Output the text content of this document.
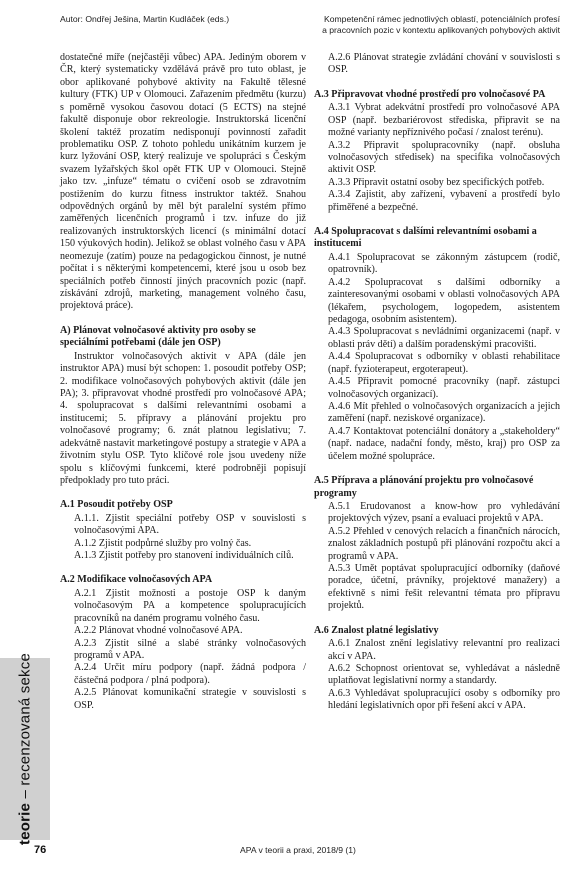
Autor: Ondřej Ješina, Martin Kudláček (eds.)	Kompetenční rámec jednotlivých oblastí, potenciálních profesí
a pracovních pozic v kontextu aplikovaných pohybových aktivit
teorie – recenzovaná sekce

dostatečné míře (nejčastěji vůbec) APA. Jediným oborem v ČR, který systematicky vzdělává právě pro tuto oblast, je obor aplikované pohybové aktivity na Fakultě tělesné kultury (FTK) UP v Olomouci. Zařazením předmětu (kurzu) s poměrně vysokou časovou dotací (5 ECTS) na stejné fakultě disponuje obor rekreologie. Instruktorská licenční školení taktéž prozatím nedisponují povinností zařadit problematiku OSP. Z tohoto pohledu unikátním kurzem je kurz lyžování OSP, který realizuje ve spolupráci s Českým svazem lyžařských škol opět FTK UP v Olomouci. Stejně jako tzv. „infuze“ tématu o cvičení osob se zdravotním postižením do kurzu fitness instruktor taktéž. Snahou odpovědných orgánů by měl být paralelní systém přímo zaměřených licenčních programů i tzv. infuze do již realizovaných instruktorských licencí (s minimální dotací 150 výukových hodin). Jelikož se oblast volného času v APA neomezuje (zatím) pouze na pedagogickou činnost, je nutné počítat i s některými kompetencemi, které jsou u osob bez speciálních potřeb činností jiných pracovních pozic (např. získávání zdrojů, marketing, management volného času, projektová práce).

A) Plánovat volnočasové aktivity pro osoby se speciálními potřebami (dále jen OSP)

Instruktor volnočasových aktivit v APA (dále jen instruktor APA) musí být schopen: 1. posoudit potřeby OSP; 2. modifikace volnočasových pohybových aktivit (dále jen PA); 3. připravovat vhodné prostředí pro volnočasové APA; 4. spolupracovat s dalšími relevantními osobami a institucemi; 5. přípravy a plánování projektu pro volnočasové programy; 6. znát platnou legislativu; 7. adekvátně nastavit marketingové postupy a strategie v APA a životním stylu OSP. Tyto klíčové role jsou uvedeny níže spolu s klíčovými funkcemi, které podrobněji popisují předpoklady pro tuto práci.

A.1 Posoudit potřeby OSP

A.1.1. Zjistit speciální potřeby OSP v souvislosti s volnočasovými APA.

A.1.2 Zjistit podpůrné služby pro volný čas.

A.1.3 Zjistit potřeby pro stanovení individuálních cílů.

A.2 Modifikace volnočasových APA

A.2.1 Zjistit možnosti a postoje OSP k daným volnočasovým PA a kompetence spolupracujících pracovníků na daném programu volného času.

A.2.2 Plánovat vhodné volnočasové APA.

A.2.3 Zjistit silné a slabé stránky volnočasových programů v APA.

A.2.4 Určit míru podpory (např. žádná podpora / částečná podpora / plná podpora).

A.2.5 Plánovat komunikační strategie v souvislosti s OSP.

A.2.6 Plánovat strategie zvládání chování v souvislosti s OSP.

A.3 Připravovat vhodné prostředí pro volnočasové PA

A.3.1 Vybrat adekvátní prostředí pro volnočasové APA OSP (např. bezbariérovost střediska, připravit se na možné varianty nepříznivého počasí / znalost terénu).

A.3.2 Připravit spolupracovníky (např. obsluha volnočasových středisek) na specifika volnočasových aktivit OSP.

A.3.3 Připravit ostatní osoby bez specifických potřeb.

A.3.4 Zajistit, aby zařízení, vybavení a prostředí bylo přiměřené a bezpečné.

A.4 Spolupracovat s dalšími relevantními osobami a institucemi

A.4.1 Spolupracovat se zákonným zástupcem (rodič, opatrovník).

A.4.2 Spolupracovat s dalšími odborníky a zainteresovanými osobami v oblasti volnočasových APA (lékařem, psychologem, logopedem, asistentem pedagoga, osobním asistentem).

A.4.3 Spolupracovat s nevládními organizacemi (např. v oblasti práv dětí) a dalším poradenskými pracovišti.

A.4.4 Spolupracovat s odborníky v oblasti rehabilitace (např. fyzioterapeut, ergoterapeut).

A.4.5 Připravit pomocné pracovníky (např. zástupci volnočasových organizací).

A.4.6 Mít přehled o volnočasových organizacích a jejich zaměření (např. neziskové organizace).

A.4.7 Kontaktovat potenciální donátory a „stakeholdery“ (např. nadace, nadační fondy, město, kraj) pro OSP za účelem možné spolupráce.

A.5 Příprava a plánování projektu pro volnočasové programy

A.5.1 Erudovanost a know-how pro vyhledávání projektových výzev, psaní a evaluaci projektů v APA.

A.5.2 Přehled v cenových relacích a finančních nárocích, znalost základních postupů při plánování rozpočtu akcí a programů v APA.

A.5.3 Umět poptávat spolupracující odborníky (daňové poradce, účetní, právníky, projektové manažery) a efektivně s nimi řešit relevantní témata pro přípravu projektů.

A.6 Znalost platné legislativy

A.6.1 Znalost znění legislativy relevantní pro realizaci akcí v APA.

A.6.2 Schopnost orientovat se, vyhledávat a následně uplatňovat legislativní normy a standardy.

A.6.3 Vyhledávat spolupracující osoby s odborníky pro hledání legislativních opor při řešení akcí v APA.

76	APA v teorii a praxi, 2018/9 (1)
